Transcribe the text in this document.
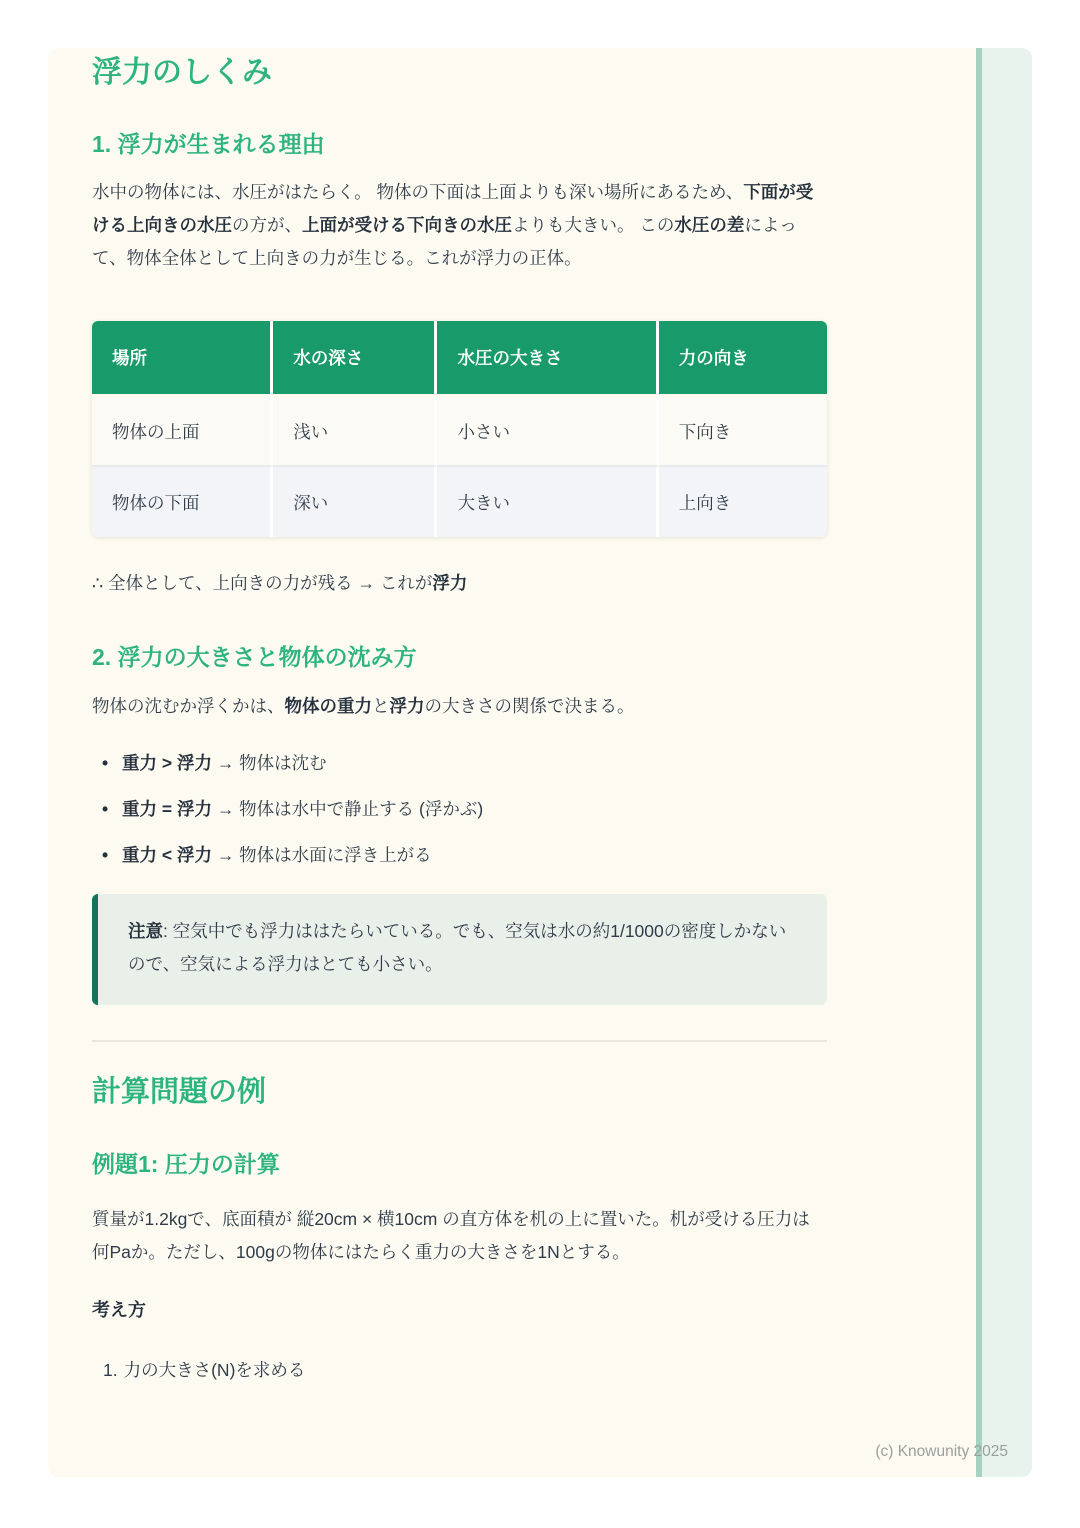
浮力のしくみ
1. 浮力が生まれる理由

水中の物体には、水圧がはたらく。 物体の下面は上面よりも深い場所にあるため、下面が受ける上向きの水圧の方が、上面が受ける下向きの水圧よりも大きい。 この水圧の差によって、物体全体として上向きの力が生じる。これが浮力の正体。

場所	水の深さ	水圧の大きさ	力の向き
物体の上面	浅い	小さい	下向き
物体の下面	深い	大きい	上向き

∴ 全体として、上向きの力が残る → これが浮力

2. 浮力の大きさと物体の沈み方

物体の沈むか浮くかは、物体の重力と浮力の大きさの関係で決まる。

• 重力 > 浮力 → 物体は沈む
• 重力 = 浮力 → 物体は水中で静止する (浮かぶ)
• 重力 < 浮力 → 物体は水面に浮き上がる

注意: 空気中でも浮力ははたらいている。でも、空気は水の約1/1000の密度しかないので、空気による浮力はとても小さい。

計算問題の例
例題1: 圧力の計算

質量が1.2kgで、底面積が 縦20cm × 横10cm の直方体を机の上に置いた。机が受ける圧力は何Paか。ただし、100gの物体にはたらく重力の大きさを1Nとする。

考え方

1. 力の大きさ(N)を求める
(c) Knowunity 2025
